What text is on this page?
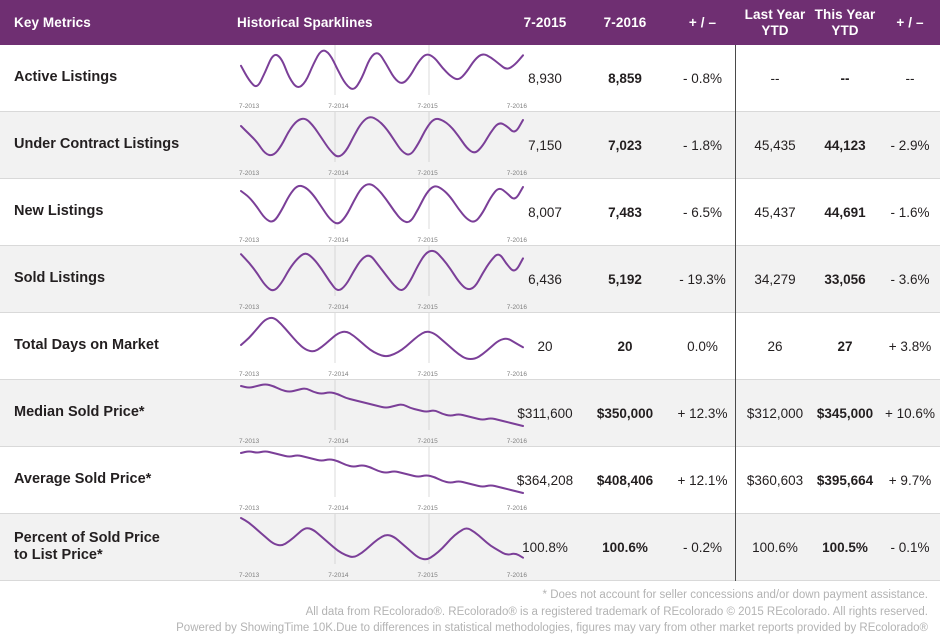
Key Metrics	Historical Sparklines	7-2015	7-2016	+ / –
Last Year
YTD
This Year
YTD	+ / –
Active Listings
7-2013	7-2014	7-2015	7-2016
8,930	8,859	- 0.8%	--	--	--
Under Contract Listings
7-2013	7-2014	7-2015	7-2016
7,150	7,023	- 1.8%	45,435	44,123	- 2.9%
New Listings
7-2013	7-2014	7-2015	7-2016
8,007	7,483	- 6.5%	45,437	44,691	- 1.6%
Sold Listings
7-2013	7-2014	7-2015	7-2016
6,436	5,192	- 19.3%	34,279	33,056	- 3.6%
Total Days on Market
7-2013	7-2014	7-2015	7-2016
20	20	0.0%	26	27	+ 3.8%
Median Sold Price*
7-2013	7-2014	7-2015	7-2016
$311,600	$350,000	+ 12.3%	$312,000	$345,000 + 10.6%
Average Sold Price*
7-2013	7-2014	7-2015	7-2016
$364,208	$408,406	+ 12.1%	$360,603	$395,664	+ 9.7%
Percent of Sold Price
to List Price*
7-2013	7-2014	7-2015	7-2016
100.8%	100.6%	- 0.2%	100.6%	100.5%	- 0.1%
* Does not account for seller concessions and/or down payment assistance.
All data from REcolorado®. REcolorado® is a registered trademark of REcolorado © 2015 REcolorado. All rights reserved.
Powered by ShowingTime 10K.Due to differences in statistical methodologies, figures may vary from other market reports provided by REcolorado®
